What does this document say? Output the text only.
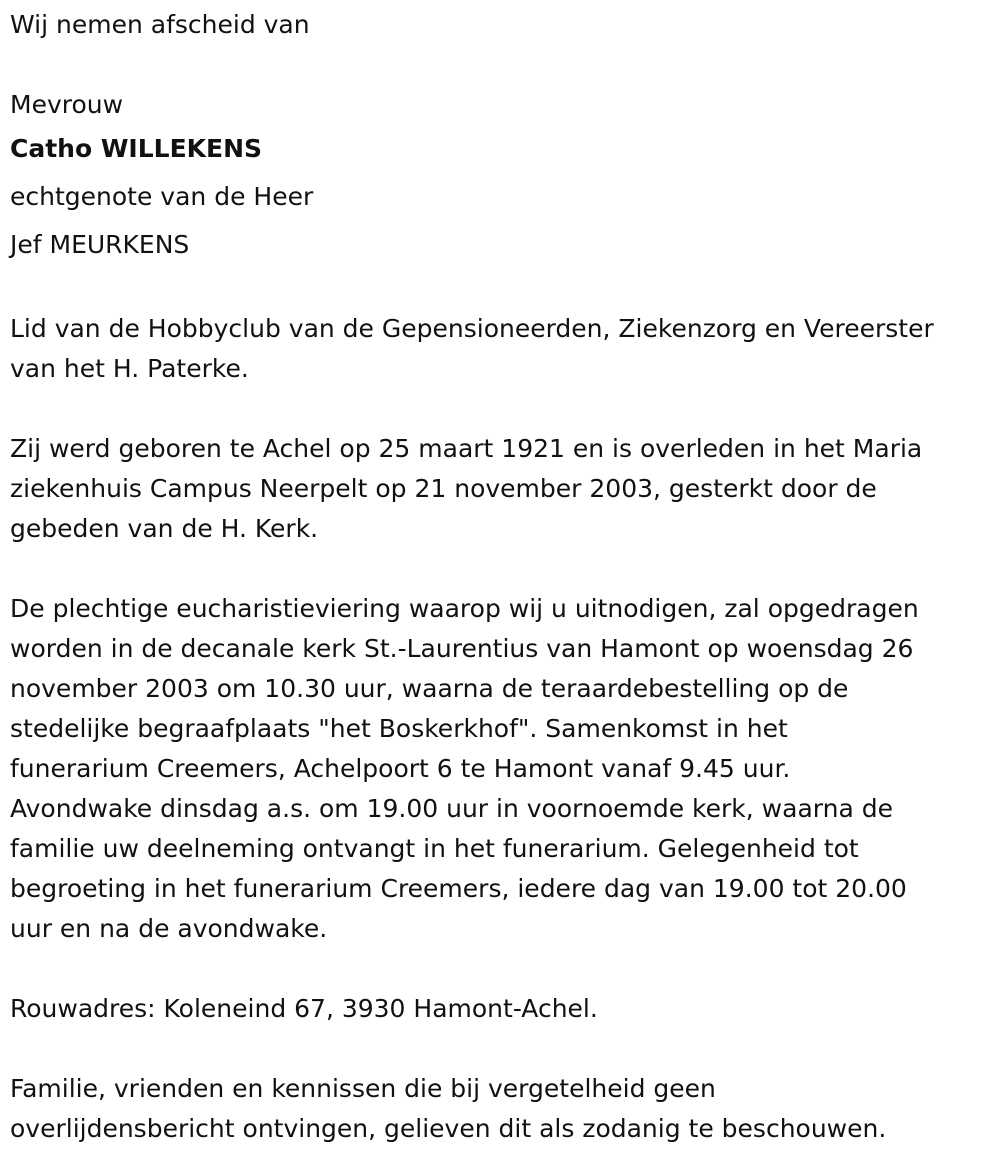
Wij nemen afscheid van
Mevrouw
Catho WILLEKENS
echtgenote van de Heer
Jef MEURKENS
Lid van de Hobbyclub van de Gepensioneerden, Ziekenzorg en Vereerster
van het H. Paterke.
Zij werd geboren te Achel op 25 maart 1921 en is overleden in het Maria
ziekenhuis Campus Neerpelt op 21 november 2003, gesterkt door de
gebeden van de H. Kerk.
De plechtige eucharistieviering waarop wij u uitnodigen, zal opgedragen
worden in de decanale kerk St.-Laurentius van Hamont op woensdag 26
november 2003 om 10.30 uur, waarna de teraardebestelling op de
stedelijke begraafplaats "het Boskerkhof". Samenkomst in het
funerarium Creemers, Achelpoort 6 te Hamont vanaf 9.45 uur.
Avondwake dinsdag a.s. om 19.00 uur in voornoemde kerk, waarna de
familie uw deelneming ontvangt in het funerarium. Gelegenheid tot
begroeting in het funerarium Creemers, iedere dag van 19.00 tot 20.00
uur en na de avondwake.
Rouwadres: Koleneind 67, 3930 Hamont-Achel.
Familie, vrienden en kennissen die bij vergetelheid geen
overlijdensbericht ontvingen, gelieven dit als zodanig te beschouwen.
